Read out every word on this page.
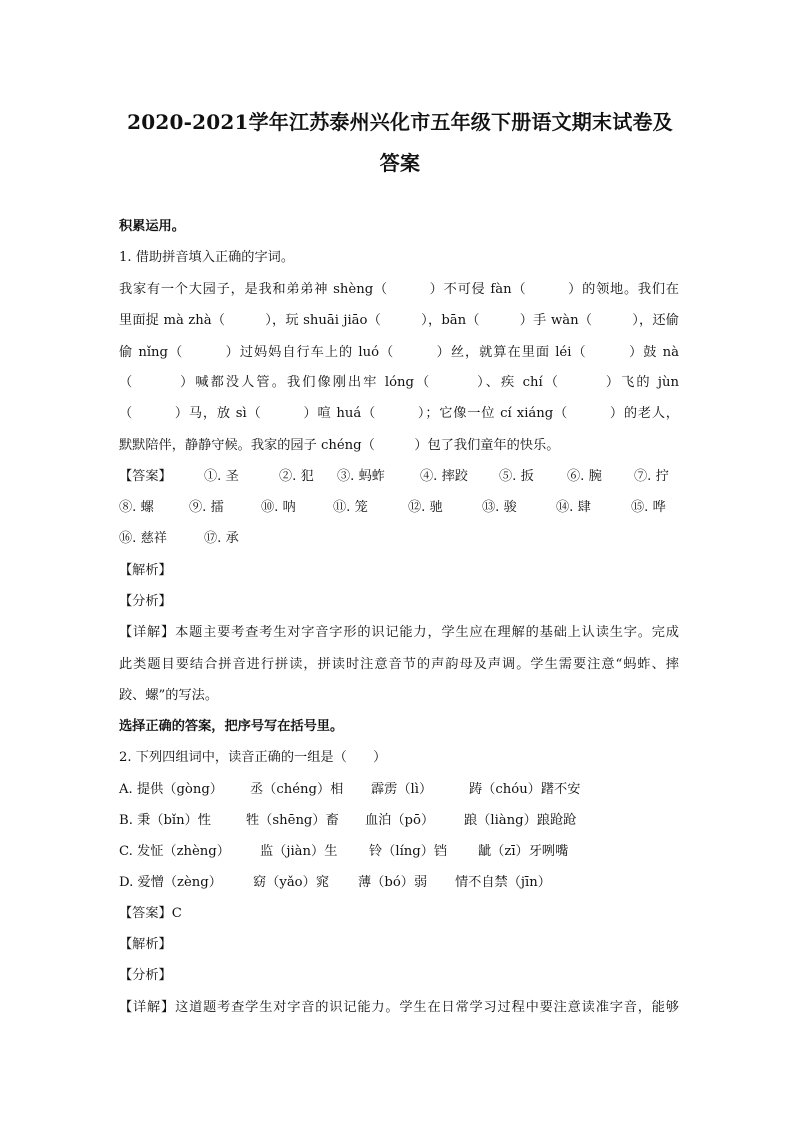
2020-2021学年江苏泰州兴化市五年级下册语文期末试卷及
答案
积累运用。
1. 借助拼音填入正确的字词。
我家有一个大园子，是我和弟弟神 shèng（　　　）不可侵 fàn（　　　）的领地。我们在
里面捉 mà zhà（　　　），玩 shuāi jiāo（　　　），bān（　　　）手 wàn（　　　），还偷
偷 nǐng（　　　）过妈妈自行车上的 luó（　　　）丝，就算在里面 léi（　　　）鼓 nà
（　　　）喊都没人管。我们像刚出牢 lóng（　　　）、疾 chí（　　　）飞的 jùn
（　　　）马，放 sì（　　　）喧 huá（　　　）；它像一位 cí xiáng（　　　）的老人，
默默陪伴，静静守候。我家的园子 chéng（　　　）包了我们童年的快乐。
【答案】 ①. 圣	②. 犯 ③. 蚂蚱	④. 摔跤 ⑤. 扳	⑥. 腕 ⑦. 拧
⑧. 螺	⑨. 擂	⑩. 呐	⑪. 笼	⑫. 驰	⑬. 骏	⑭. 肆	⑮. 哗
⑯. 慈祥	⑰. 承
【解析】
【分析】
【详解】本题主要考查考生对字音字形的识记能力，学生应在理解的基础上认读生字。完成
此类题目要结合拼音进行拼读，拼读时注意音节的声韵母及声调。学生需要注意“蚂蚱、摔
跤、螺”的写法。
选择正确的答案，把序号写在括号里。
2. 下列四组词中，读音正确的一组是（　　）
A. 提供（gòng） 丞（chéng）相 霹雳（lì）	踌（chóu）躇不安
B. 秉（bǐn）性	牲（shēng）畜 血泊（pō） 踉（liàng）踉跄跄
C. 发怔（zhèng） 监（jiàn）生 铃（líng）铛 龇（zī）牙咧嘴
D. 爱憎（zèng） 窈（yǎo）窕 薄（bó）弱 情不自禁（jīn）
【答案】C
【解析】
【分析】
【详解】这道题考查学生对字音的识记能力。学生在日常学习过程中要注意读准字音，能够
